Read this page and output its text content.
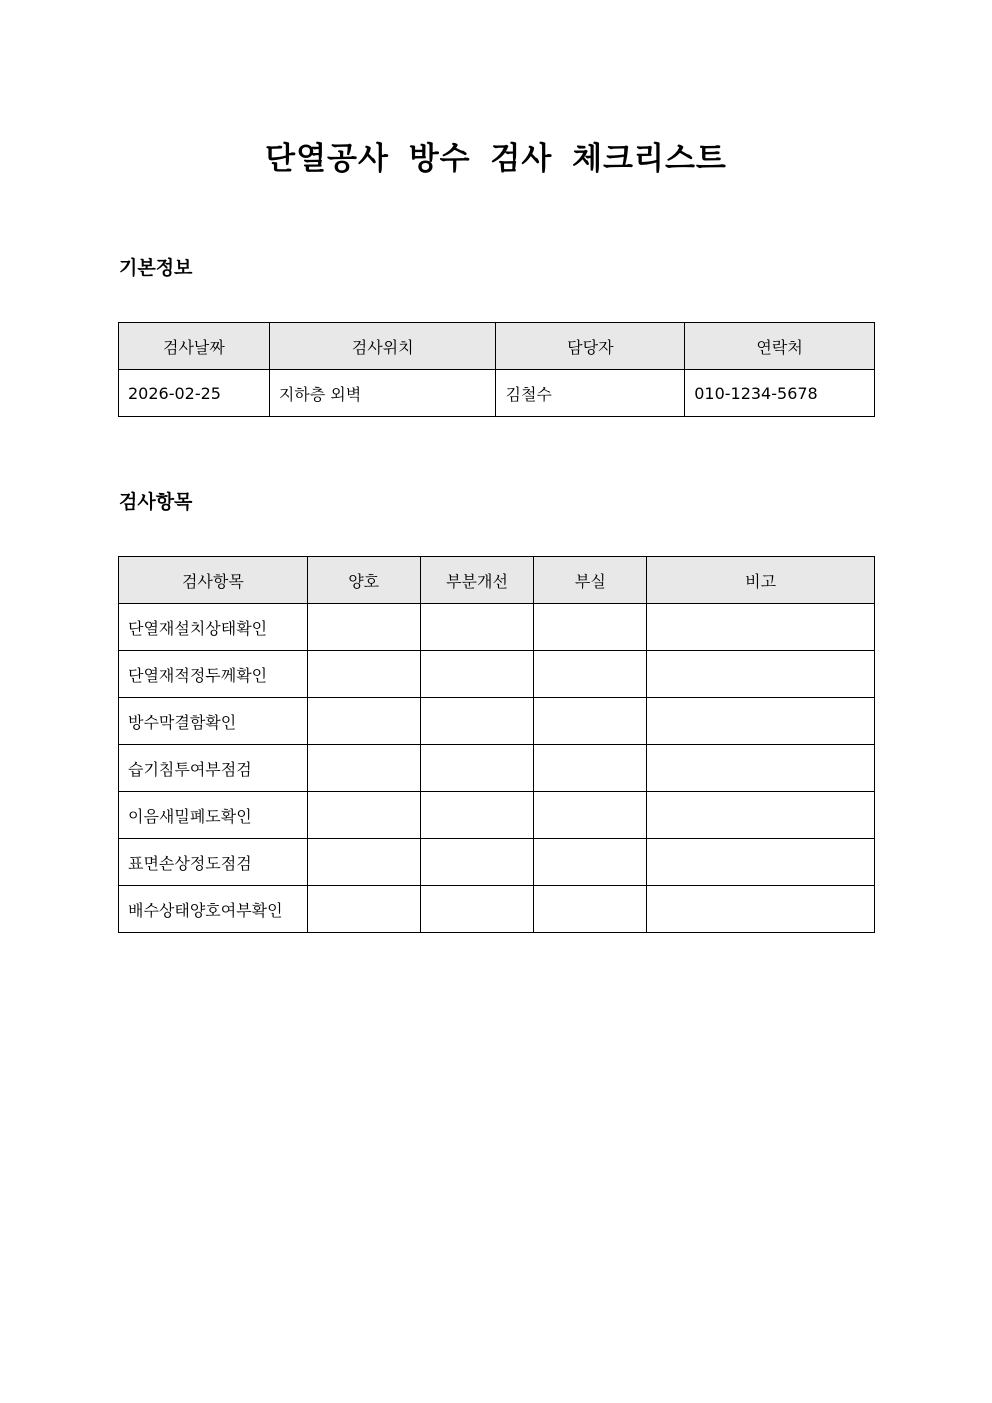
단열공사 방수 검사 체크리스트
기본정보
검사날짜	검사위치	담당자	연락처
2026-02-25	지하층 외벽	김철수	010-1234-5678
검사항목
검사항목	양호	부분개선	부실	비고
단열재설치상태확인				
단열재적정두께확인				
방수막결함확인				
습기침투여부점검				
이음새밀폐도확인				
표면손상정도점검				
배수상태양호여부확인				
